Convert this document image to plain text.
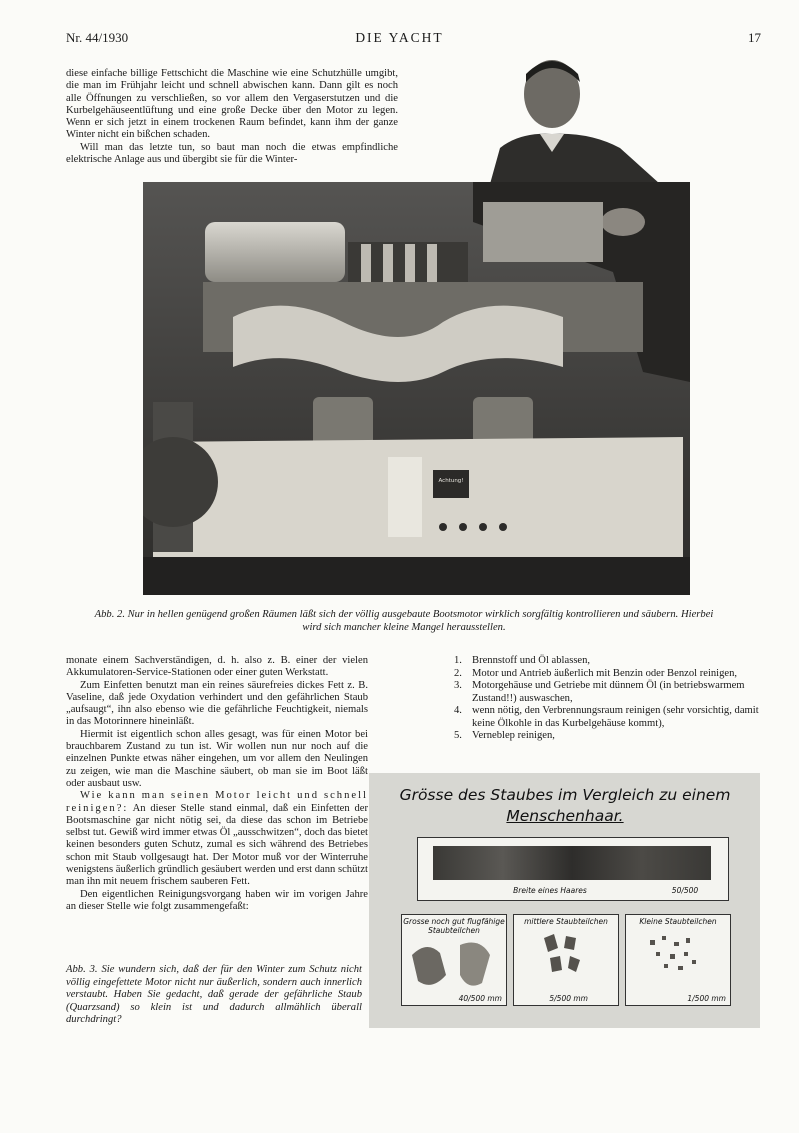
Nr. 44/1930	DIE YACHT	17

diese einfache billige Fettschicht die Maschine wie eine Schutzhülle umgibt, die man im Frühjahr leicht und schnell abwischen kann. Dann gilt es noch alle Öffnungen zu verschließen, so vor allem den Vergaserstutzen und die Kurbelgehäuseentlüftung und eine große Decke über den Motor zu legen. Wenn er sich jetzt in einem trockenen Raum befindet, kann ihm der ganze Winter nicht ein bißchen schaden.

Will man das letzte tun, so baut man noch die etwas empfindliche elektrische Anlage aus und übergibt sie für die Winter-

Achtung!
Abb. 2. Nur in hellen genügend großen Räumen läßt sich der völlig ausgebaute Bootsmotor wirklich sorgfältig kontrollieren und säubern. Hierbei wird sich mancher kleine Mangel herausstellen.

monate einem Sachverständigen, d. h. also z. B. einer der vielen Akkumulatoren-Service-Stationen oder einer guten Werkstatt.

Zum Einfetten benutzt man ein reines säurefreies dickes Fett z. B. Vaseline, daß jede Oxydation verhindert und den gefährlichen Staub „aufsaugt“, ihn also ebenso wie die gefährliche Feuchtigkeit, niemals in das Motorinnere hineinläßt.

Hiermit ist eigentlich schon alles gesagt, was für einen Motor bei brauchbarem Zustand zu tun ist. Wir wollen nun nur noch auf die einzelnen Punkte etwas näher eingehen, um vor allem den Neulingen zu zeigen, wie man die Maschine säubert, ob man sie im Boot läßt oder ausbaut usw.

Wie kann man seinen Motor leicht und schnell reinigen?: An dieser Stelle stand einmal, daß ein Einfetten der Bootsmaschine gar nicht nötig sei, da diese das schon im Betriebe selbst tut. Gewiß wird immer etwas Öl „ausschwitzen“, doch das bietet keinen besonders guten Schutz, zumal es sich während des Betriebes schon mit Staub vollgesaugt hat. Der Motor muß vor der Winterruhe wenigstens äußerlich gründlich gesäubert werden und erst dann schützt man ihn mit neuem frischem sauberen Fett.

Den eigentlichen Reinigungsvorgang haben wir im vorigen Jahre an dieser Stelle wie folgt zusammengefaßt:

Abb. 3. Sie wundern sich, daß der für den Winter zum Schutz nicht völlig eingefettete Motor nicht nur äußerlich, sondern auch innerlich verstaubt. Haben Sie gedacht, daß gerade der gefährliche Staub (Quarzsand) so klein ist und dadurch allmählich überall durchdringt?
1. Brennstoff und Öl ablassen,
2. Motor und Antrieb äußerlich mit Benzin oder Benzol reinigen,
3. Motorgehäuse und Getriebe mit dünnem Öl (in betriebswarmem Zustand!!) auswaschen,
4. wenn nötig, den Verbrennungsraum reinigen (sehr vorsichtig, damit keine Ölkohle in das Kurbelgehäuse kommt),
5. Verneblер reinigen,
Grösse des Staubes im Vergleich zu einem
Menschenhaar.
Breite eines Haares	50/500
Grosse noch gut flugfähige Staubteilchen
40/500 mm
mittlere Staubteilchen
5/500 mm
Kleine Staubteilchen
1/500 mm
